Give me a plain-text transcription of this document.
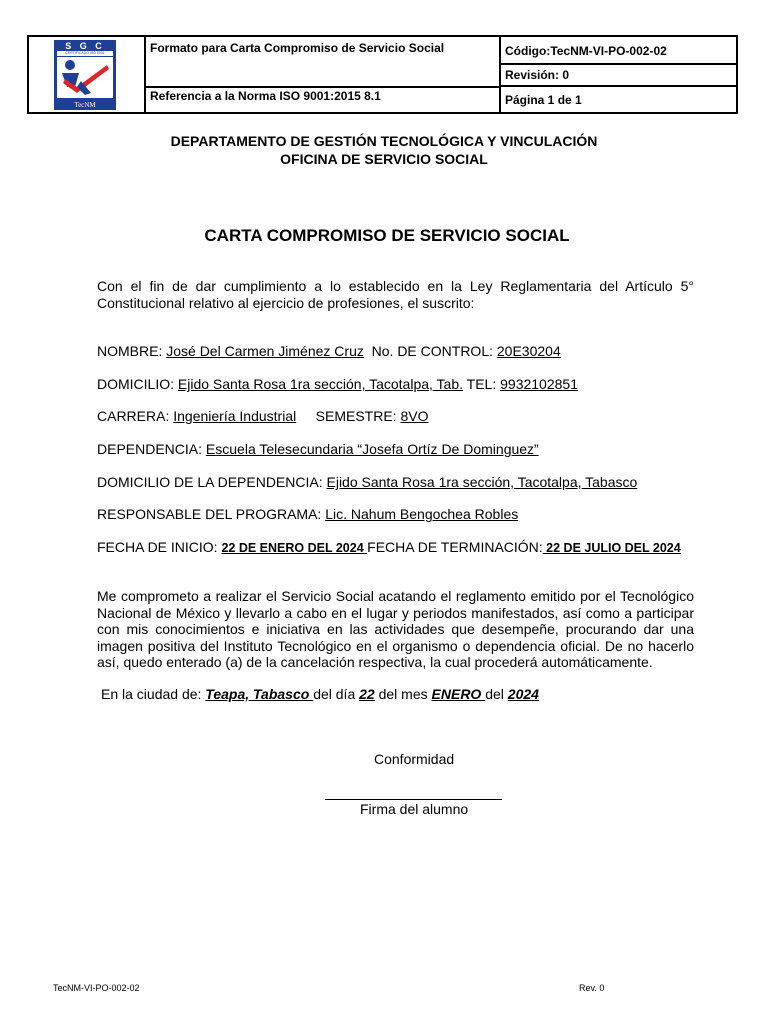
S G C
CERTIFICADO ISO 9001
TecNM
Formato para Carta Compromiso de Servicio Social
Referencia a la Norma ISO 9001:2015 8.1
Código:TecNM-VI-PO-002-02
Revisión: 0
Página 1 de 1
DEPARTAMENTO DE GESTIÓN TECNOLÓGICA Y VINCULACIÓN
OFICINA DE SERVICIO SOCIAL
CARTA COMPROMISO DE SERVICIO SOCIAL
Con el fin de dar cumplimiento a lo establecido en la Ley Reglamentaria del Artículo 5° Constitucional relativo al ejercicio de profesiones, el suscrito:
NOMBRE: José Del Carmen Jiménez Cruz No. DE CONTROL: 20E30204
DOMICILIO: Ejido Santa Rosa 1ra sección, Tacotalpa, Tab. TEL: 9932102851
CARRERA: Ingeniería Industrial SEMESTRE: 8VO
DEPENDENCIA: Escuela Telesecundaria “Josefa Ortíz De Dominguez”
DOMICILIO DE LA DEPENDENCIA: Ejido Santa Rosa 1ra sección, Tacotalpa, Tabasco
RESPONSABLE DEL PROGRAMA: Lic. Nahum Bengochea Robles
FECHA DE INICIO: 22 DE ENERO DEL 2024 FECHA DE TERMINACIÓN: 22 DE JULIO DEL 2024
Me comprometo a realizar el Servicio Social acatando el reglamento emitido por el Tecnológico Nacional de México y llevarlo a cabo en el lugar y periodos manifestados, así como a participar con mis conocimientos e iniciativa en las actividades que desempeñe, procurando dar una imagen positiva del Instituto Tecnológico en el organismo o dependencia oficial. De no hacerlo así, quedo enterado (a) de la cancelación respectiva, la cual procederá automáticamente.
En la ciudad de: Teapa, Tabasco del día 22 del mes ENERO del 2024
Conformidad
Firma del alumno
TecNM-VI-PO-002-02	Rev. 0
